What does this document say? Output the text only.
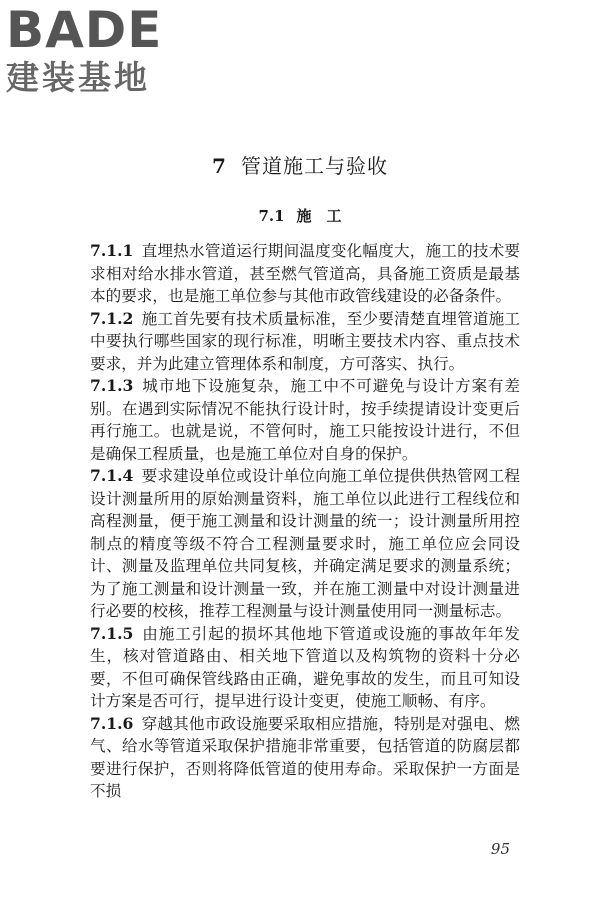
BADE
建装基地
7 管道施工与验收
7.1 施　工
7.1.1 直埋热水管道运行期间温度变化幅度大，施工的技术要求相对给水排水管道，甚至燃气管道高，具备施工资质是最基本的要求，也是施工单位参与其他市政管线建设的必备条件。
7.1.2 施工首先要有技术质量标准，至少要清楚直埋管道施工中要执行哪些国家的现行标准，明晰主要技术内容、重点技术要求，并为此建立管理体系和制度，方可落实、执行。
7.1.3 城市地下设施复杂，施工中不可避免与设计方案有差别。在遇到实际情况不能执行设计时，按手续提请设计变更后再行施工。也就是说，不管何时，施工只能按设计进行，不但是确保工程质量，也是施工单位对自身的保护。
7.1.4 要求建设单位或设计单位向施工单位提供供热管网工程设计测量所用的原始测量资料，施工单位以此进行工程线位和高程测量，便于施工测量和设计测量的统一；设计测量所用控制点的精度等级不符合工程测量要求时，施工单位应会同设计、测量及监理单位共同复核，并确定满足要求的测量系统；为了施工测量和设计测量一致，并在施工测量中对设计测量进行必要的校核，推荐工程测量与设计测量使用同一测量标志。
7.1.5 由施工引起的损坏其他地下管道或设施的事故年年发生，核对管道路由、相关地下管道以及构筑物的资料十分必要，不但可确保管线路由正确，避免事故的发生，而且可知设计方案是否可行，提早进行设计变更，使施工顺畅、有序。
7.1.6 穿越其他市政设施要采取相应措施，特别是对强电、燃气、给水等管道采取保护措施非常重要，包括管道的防腐层都要进行保护，否则将降低管道的使用寿命。采取保护一方面是不损
95
